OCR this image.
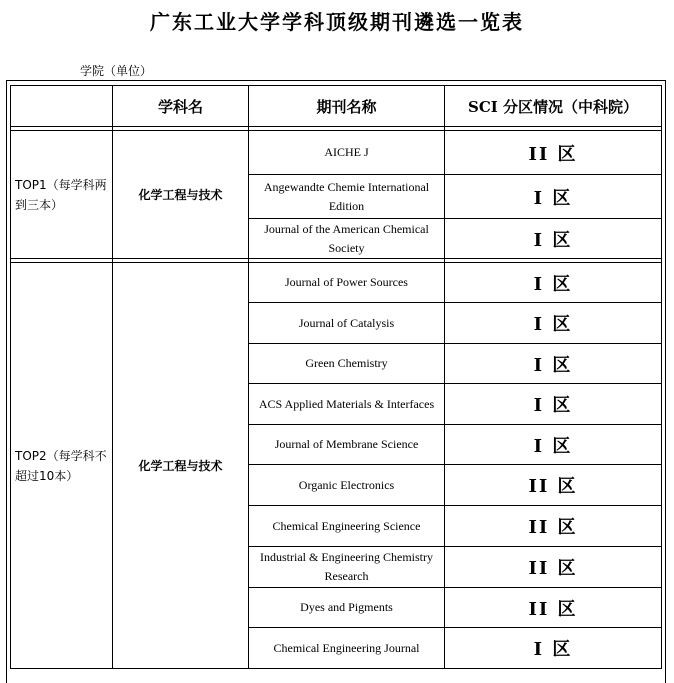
广东工业大学学科顶级期刊遴选一览表
学院（单位）
	学科名	期刊名称	SCI 分区情况（中科院）

TOP1（每学科两到三本）	化学工程与技术	AICHE J	II 区
		Angewandte Chemie International Edition	I 区
		Journal of the American Chemical Society	I 区

TOP2（每学科不超过10本）	化学工程与技术	Journal of Power Sources	I 区
		Journal of Catalysis	I 区
		Green Chemistry	I 区
		ACS Applied Materials & Interfaces	I 区
		Journal of Membrane Science	I 区
		Organic Electronics	II 区
		Chemical Engineering Science	II 区
		Industrial & Engineering Chemistry Research	II 区
		Dyes and Pigments	II 区
		Chemical Engineering Journal	I 区
